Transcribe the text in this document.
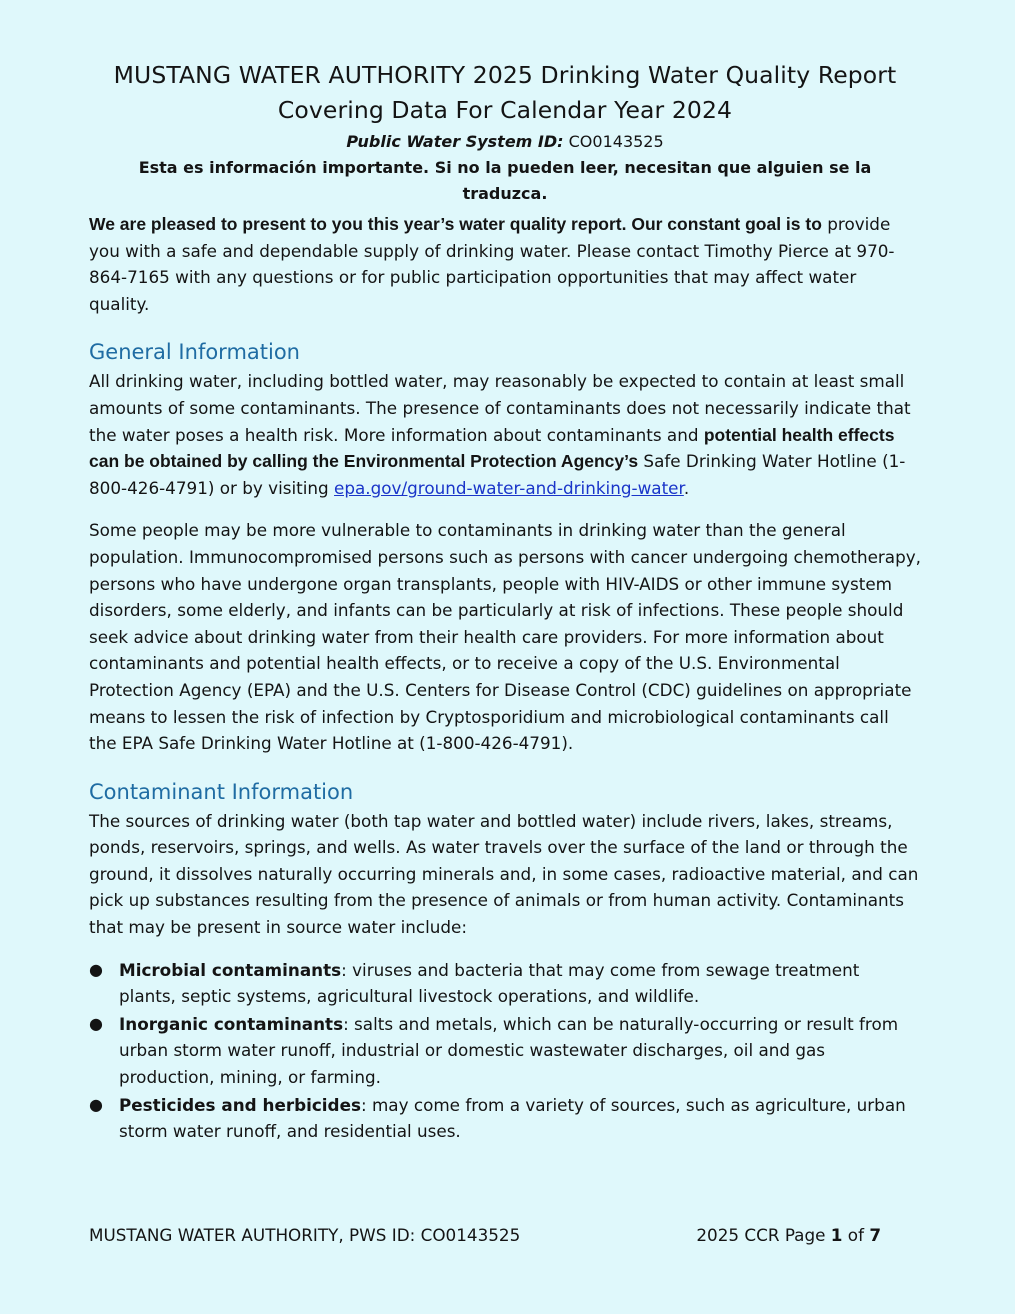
MUSTANG WATER AUTHORITY 2025 Drinking Water Quality Report
Covering Data For Calendar Year 2024
Public Water System ID: CO0143525
Esta es información importante. Si no la pueden leer, necesitan que alguien se la traduzca.

We are pleased to present to you this year’s water quality report. Our constant goal is to provide you with a safe and dependable supply of drinking water. Please contact Timothy Pierce at 970-864-7165 with any questions or for public participation opportunities that may affect water quality.

General Information

All drinking water, including bottled water, may reasonably be expected to contain at least small amounts of some contaminants. The presence of contaminants does not necessarily indicate that the water poses a health risk. More information about contaminants and potential health effects can be obtained by calling the Environmental Protection Agency’s Safe Drinking Water Hotline (1-800-426-4791) or by visiting epa.gov/ground-water-and-drinking-water.

Some people may be more vulnerable to contaminants in drinking water than the general population. Immunocompromised persons such as persons with cancer undergoing chemotherapy, persons who have undergone organ transplants, people with HIV-AIDS or other immune system disorders, some elderly, and infants can be particularly at risk of infections. These people should seek advice about drinking water from their health care providers. For more information about contaminants and potential health effects, or to receive a copy of the U.S. Environmental Protection Agency (EPA) and the U.S. Centers for Disease Control (CDC) guidelines on appropriate means to lessen the risk of infection by Cryptosporidium and microbiological contaminants call the EPA Safe Drinking Water Hotline at (1-800-426-4791).

Contaminant Information

The sources of drinking water (both tap water and bottled water) include rivers, lakes, streams, ponds, reservoirs, springs, and wells. As water travels over the surface of the land or through the ground, it dissolves naturally occurring minerals and, in some cases, radioactive material, and can pick up substances resulting from the presence of animals or from human activity. Contaminants that may be present in source water include:

● Microbial contaminants: viruses and bacteria that may come from sewage treatment plants, septic systems, agricultural livestock operations, and wildlife.
● Inorganic contaminants: salts and metals, which can be naturally-occurring or result from urban storm water runoff, industrial or domestic wastewater discharges, oil and gas production, mining, or farming.
● Pesticides and herbicides: may come from a variety of sources, such as agriculture, urban storm water runoff, and residential uses.
MUSTANG WATER AUTHORITY, PWS ID: CO0143525	2025 CCR Page 1 of 7
